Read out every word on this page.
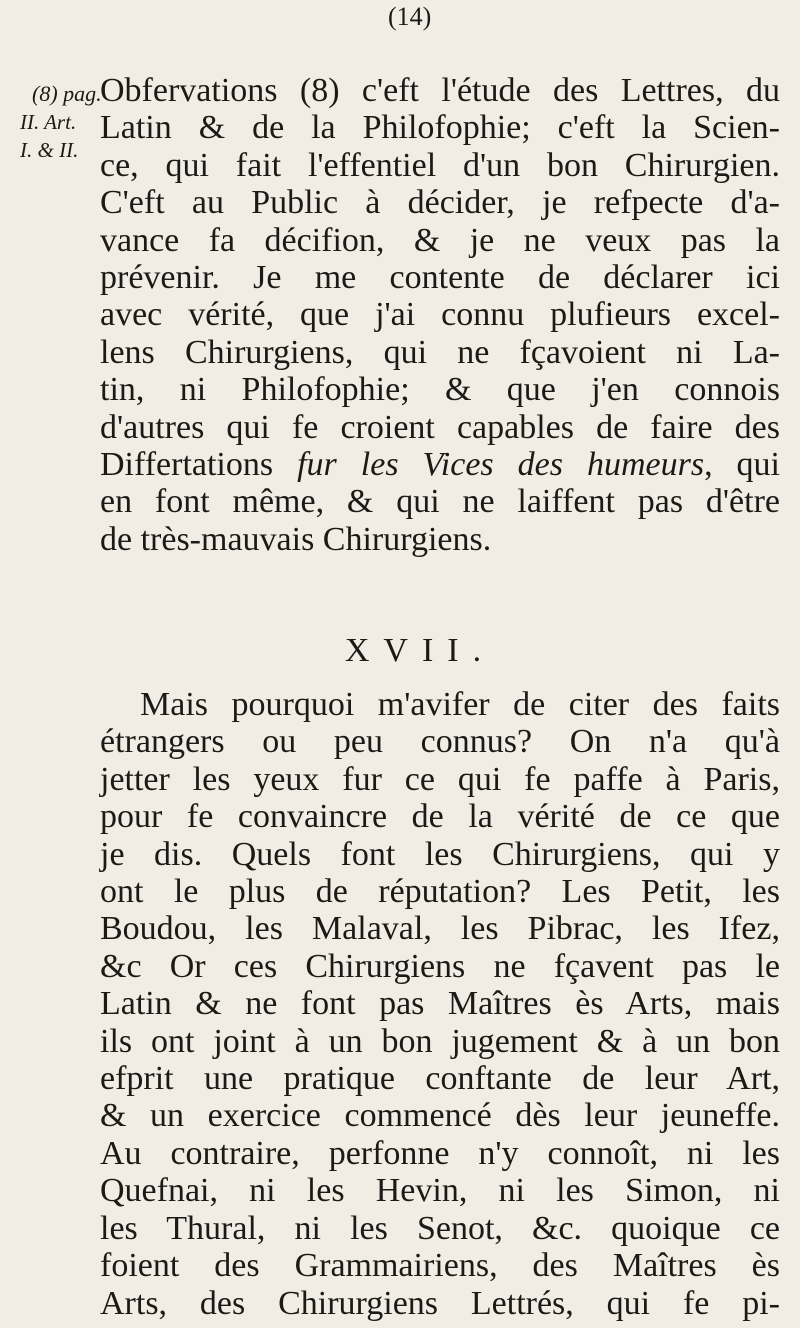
(14)
(8) pag.
II. Art.
I. & II.
Obfervations (8) c'eft l'étude des Lettres, du
Latin & de la Philofophie; c'eft la Scien-
ce, qui fait l'effentiel d'un bon Chirurgien.
C'eft au Public à décider, je refpecte d'a-
vance fa décifion, & je ne veux pas la
prévenir. Je me contente de déclarer ici
avec vérité, que j'ai connu plufieurs excel-
lens Chirurgiens, qui ne fçavoient ni La-
tin, ni Philofophie; & que j'en connois
d'autres qui fe croient capables de faire des
Differtations fur les Vices des humeurs, qui
en font même, & qui ne laiffent pas d'être
de très-mauvais Chirurgiens.
XVII.
Mais pourquoi m'avifer de citer des faits
étrangers ou peu connus? On n'a qu'à
jetter les yeux fur ce qui fe paffe à Paris,
pour fe convaincre de la vérité de ce que
je dis. Quels font les Chirurgiens, qui y
ont le plus de réputation? Les Petit, les
Boudou, les Malaval, les Pibrac, les Ifez,
&c Or ces Chirurgiens ne fçavent pas le
Latin & ne font pas Maîtres ès Arts, mais
ils ont joint à un bon jugement & à un bon
efprit une pratique conftante de leur Art,
& un exercice commencé dès leur jeuneffe.
Au contraire, perfonne n'y connoît, ni les
Quefnai, ni les Hevin, ni les Simon, ni
les Thural, ni les Senot, &c. quoique ce
foient des Grammairiens, des Maîtres ès
Arts, des Chirurgiens Lettrés, qui fe pi-
